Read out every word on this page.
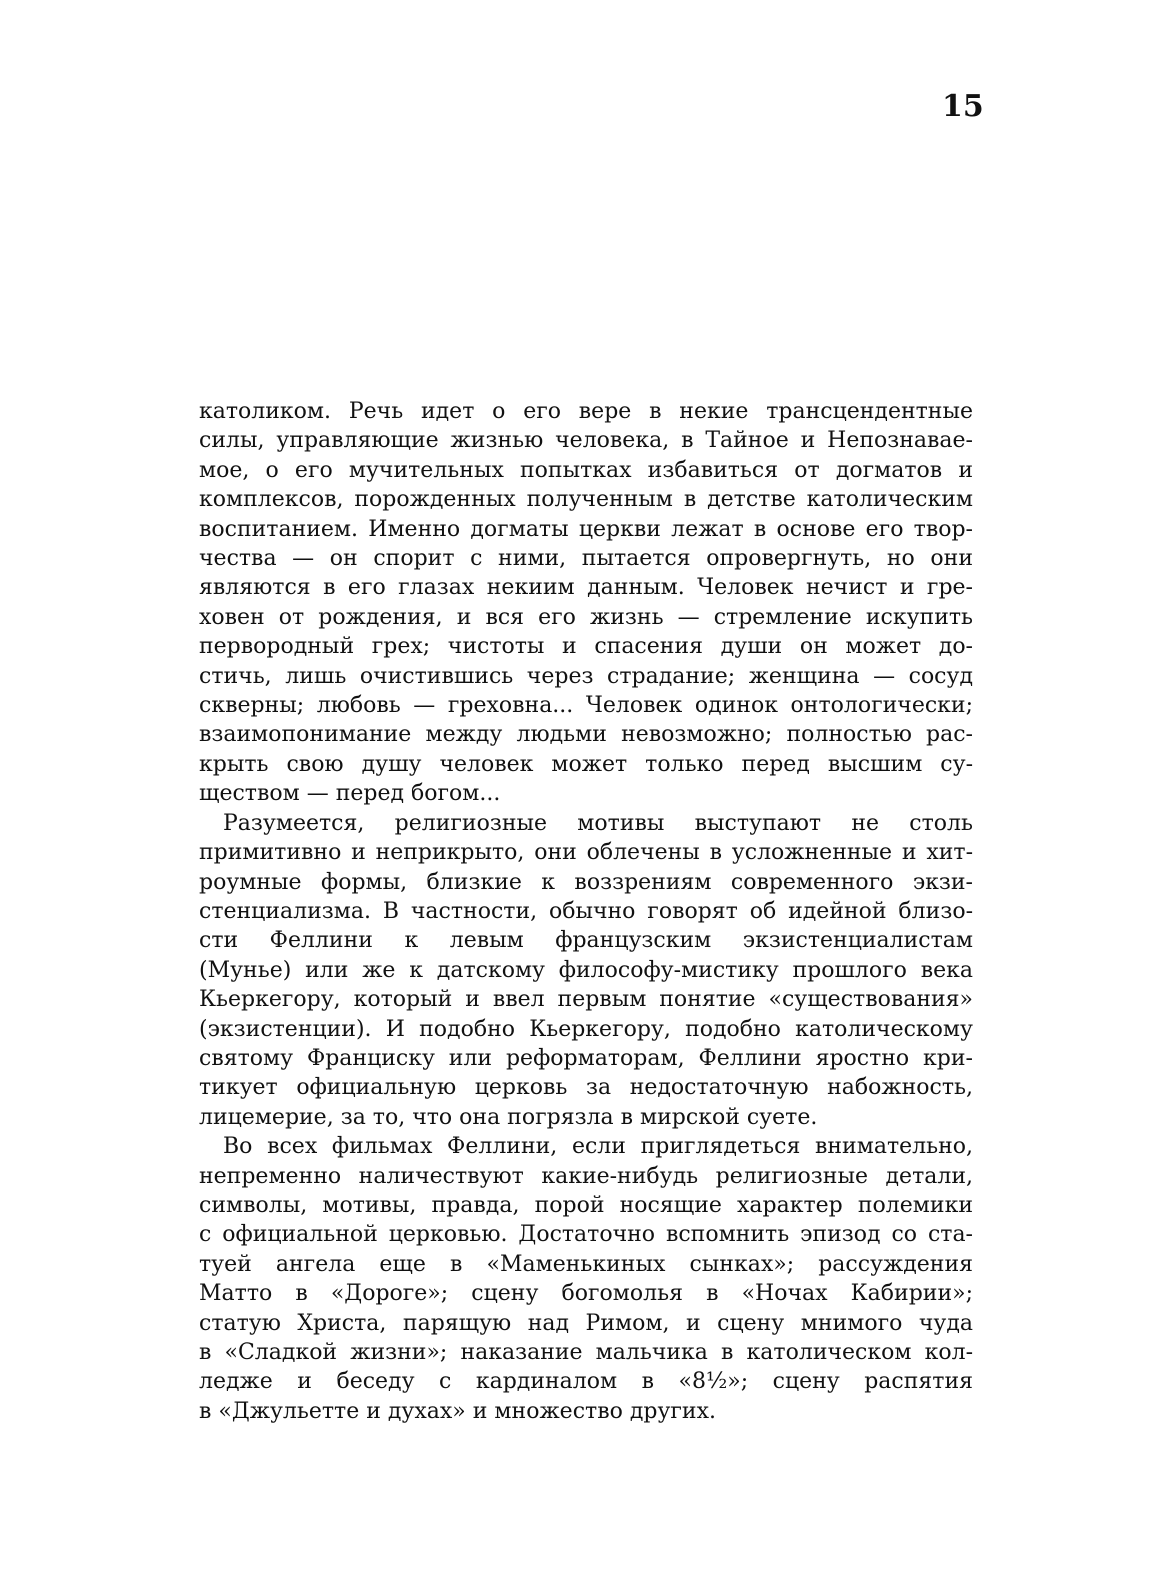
15

католиком. Речь идет о его вере в некие трансцендентные
силы, управляющие жизнью человека, в Тайное и Непознавае-
мое, о его мучительных попытках избавиться от догматов и
комплексов, порожденных полученным в детстве католическим
воспитанием. Именно догматы церкви лежат в основе его твор-
чества — он спорит с ними, пытается опровергнуть, но они
являются в его глазах некиим данным. Человек нечист и гре-
ховен от рождения, и вся его жизнь — стремление искупить
первородный грех; чистоты и спасения души он может до-
стичь, лишь очистившись через страдание; женщина — сосуд
скверны; любовь — греховна... Человек одинок онтологически;
взаимопонимание между людьми невозможно; полностью рас-
крыть свою душу человек может только перед высшим су-
ществом — перед богом...

Разумеется, религиозные мотивы выступают не столь
примитивно и неприкрыто, они облечены в усложненные и хит-
роумные формы, близкие к воззрениям современного экзи-
стенциализма. В частности, обычно говорят об идейной близо-
сти Феллини к левым французским экзистенциалистам
(Мунье) или же к датскому философу-мистику прошлого века
Кьеркегору, который и ввел первым понятие «существования»
(экзистенции). И подобно Кьеркегору, подобно католическому
святому Франциску или реформаторам, Феллини яростно кри-
тикует официальную церковь за недостаточную набожность,
лицемерие, за то, что она погрязла в мирской суете.

Во всех фильмах Феллини, если приглядеться внимательно,
непременно наличествуют какие-нибудь религиозные детали,
символы, мотивы, правда, порой носящие характер полемики
с официальной церковью. Достаточно вспомнить эпизод со ста-
туей ангела еще в «Маменькиных сынках»; рассуждения
Матто в «Дороге»; сцену богомолья в «Ночах Кабирии»;
статую Христа, парящую над Римом, и сцену мнимого чуда
в «Сладкой жизни»; наказание мальчика в католическом кол-
ледже и беседу с кардиналом в «8½»; сцену распятия
в «Джульетте и духах» и множество других.
